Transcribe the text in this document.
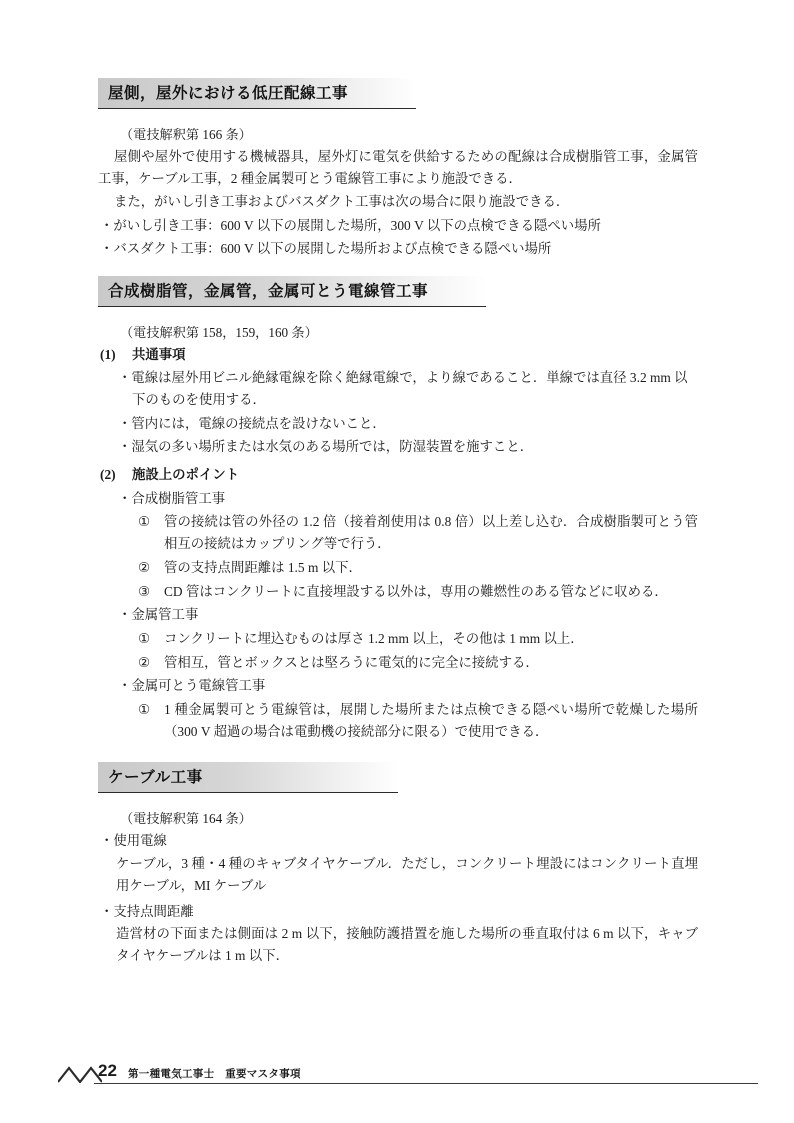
屋側，屋外における低圧配線工事
（電技解釈第 166 条）

屋側や屋外で使用する機械器具，屋外灯に電気を供給するための配線は合成樹脂管工事，金属管工事，ケーブル工事，2 種金属製可とう電線管工事により施設できる．

また，がいし引き工事およびバスダクト工事は次の場合に限り施設できる．

・がいし引き工事：600 V 以下の展開した場所，300 V 以下の点検できる隠ぺい場所
・バスダクト工事：600 V 以下の展開した場所および点検できる隠ぺい場所
合成樹脂管，金属管，金属可とう電線管工事
（電技解釈第 158，159，160 条）
(1)	共通事項
・電線は屋外用ビニル絶縁電線を除く絶縁電線で，より線であること．単線では直径 3.2 mm 以下のものを使用する．
・管内には，電線の接続点を設けないこと．
・湿気の多い場所または水気のある場所では，防湿装置を施すこと．
(2)	施設上のポイント
・合成樹脂管工事
①	管の接続は管の外径の 1.2 倍（接着剤使用は 0.8 倍）以上差し込む．合成樹脂製可とう管相互の接続はカップリング等で行う．
②	管の支持点間距離は 1.5 m 以下．
③	CD 管はコンクリートに直接埋設する以外は，専用の難燃性のある管などに収める．
・金属管工事
①	コンクリートに埋込むものは厚さ 1.2 mm 以上，その他は 1 mm 以上．
②	管相互，管とボックスとは堅ろうに電気的に完全に接続する．
・金属可とう電線管工事
①	1 種金属製可とう電線管は，展開した場所または点検できる隠ぺい場所で乾燥した場所（300 V 超過の場合は電動機の接続部分に限る）で使用できる．
ケーブル工事
（電技解釈第 164 条）
・使用電線

ケーブル，3 種・4 種のキャブタイヤケーブル．ただし，コンクリート埋設にはコンクリート直埋用ケーブル，MI ケーブル

・支持点間距離

造営材の下面または側面は 2 m 以下，接触防護措置を施した場所の垂直取付は 6 m 以下，キャブタイヤケーブルは 1 m 以下．

22 第一種電気工事士　重要マスタ事項
